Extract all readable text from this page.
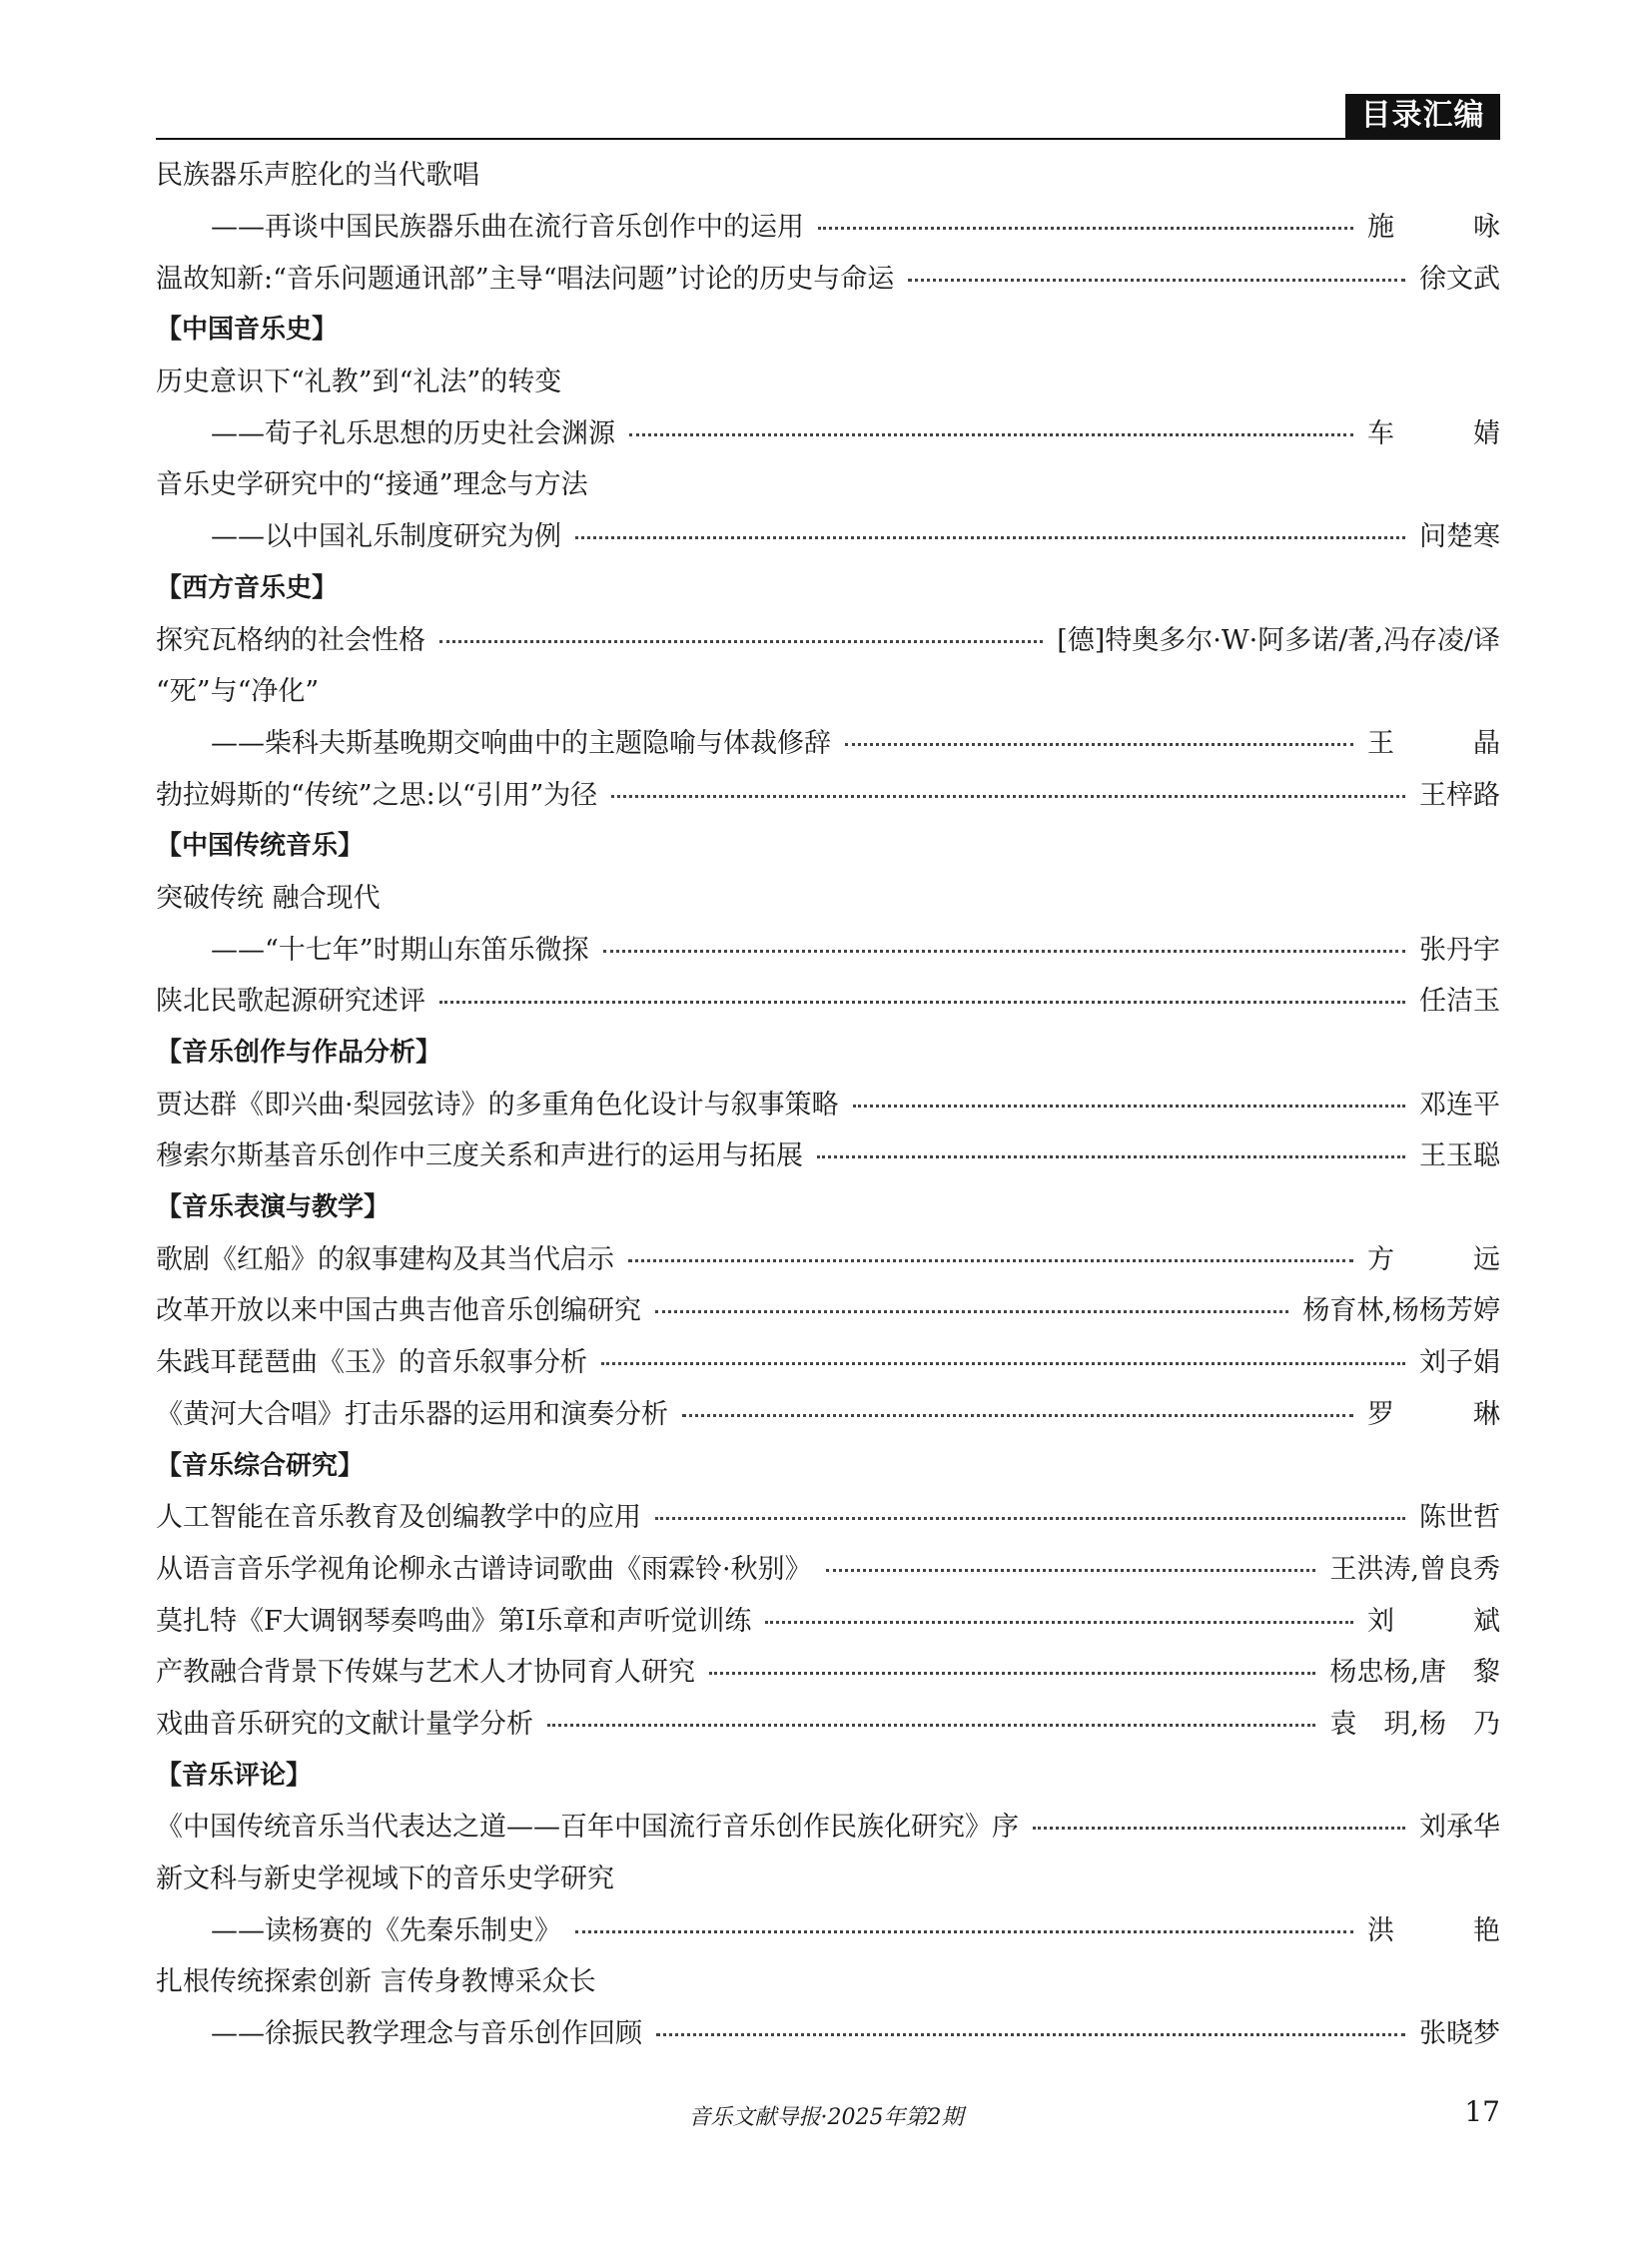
目录汇编
民族器乐声腔化的当代歌唱
——再谈中国民族器乐曲在流行音乐创作中的运用	施　咏
温故知新:“音乐问题通讯部”主导“唱法问题”讨论的历史与命运	徐文武
【中国音乐史】
历史意识下“礼教”到“礼法”的转变
——荀子礼乐思想的历史社会渊源	车　婧
音乐史学研究中的“接通”理念与方法
——以中国礼乐制度研究为例	问楚寒
【西方音乐史】
探究瓦格纳的社会性格	[德]特奥多尔·W·阿多诺/著,冯存凌/译
“死”与“净化”
——柴科夫斯基晚期交响曲中的主题隐喻与体裁修辞	王　晶
勃拉姆斯的“传统”之思:以“引用”为径	王梓路
【中国传统音乐】
突破传统 融合现代
——“十七年”时期山东笛乐微探	张丹宇
陕北民歌起源研究述评	任洁玉
【音乐创作与作品分析】
贾达群《即兴曲·梨园弦诗》的多重角色化设计与叙事策略	邓连平
穆索尔斯基音乐创作中三度关系和声进行的运用与拓展	王玉聪
【音乐表演与教学】
歌剧《红船》的叙事建构及其当代启示	方　远
改革开放以来中国古典吉他音乐创编研究	杨育林,杨杨芳婷
朱践耳琵琶曲《玉》的音乐叙事分析	刘子娟
《黄河大合唱》打击乐器的运用和演奏分析	罗　琳
【音乐综合研究】
人工智能在音乐教育及创编教学中的应用	陈世哲
从语言音乐学视角论柳永古谱诗词歌曲《雨霖铃·秋别》	王洪涛,曾良秀
莫扎特《F大调钢琴奏鸣曲》第Ⅰ乐章和声听觉训练	刘　斌
产教融合背景下传媒与艺术人才协同育人研究	杨忠杨,唐　黎
戏曲音乐研究的文献计量学分析	袁　玥,杨　乃
【音乐评论】
《中国传统音乐当代表达之道——百年中国流行音乐创作民族化研究》序	刘承华
新文科与新史学视域下的音乐史学研究
——读杨赛的《先秦乐制史》	洪　艳
扎根传统探索创新 言传身教博采众长
——徐振民教学理念与音乐创作回顾	张晓梦
音乐文献导报·2025年第2期	17
